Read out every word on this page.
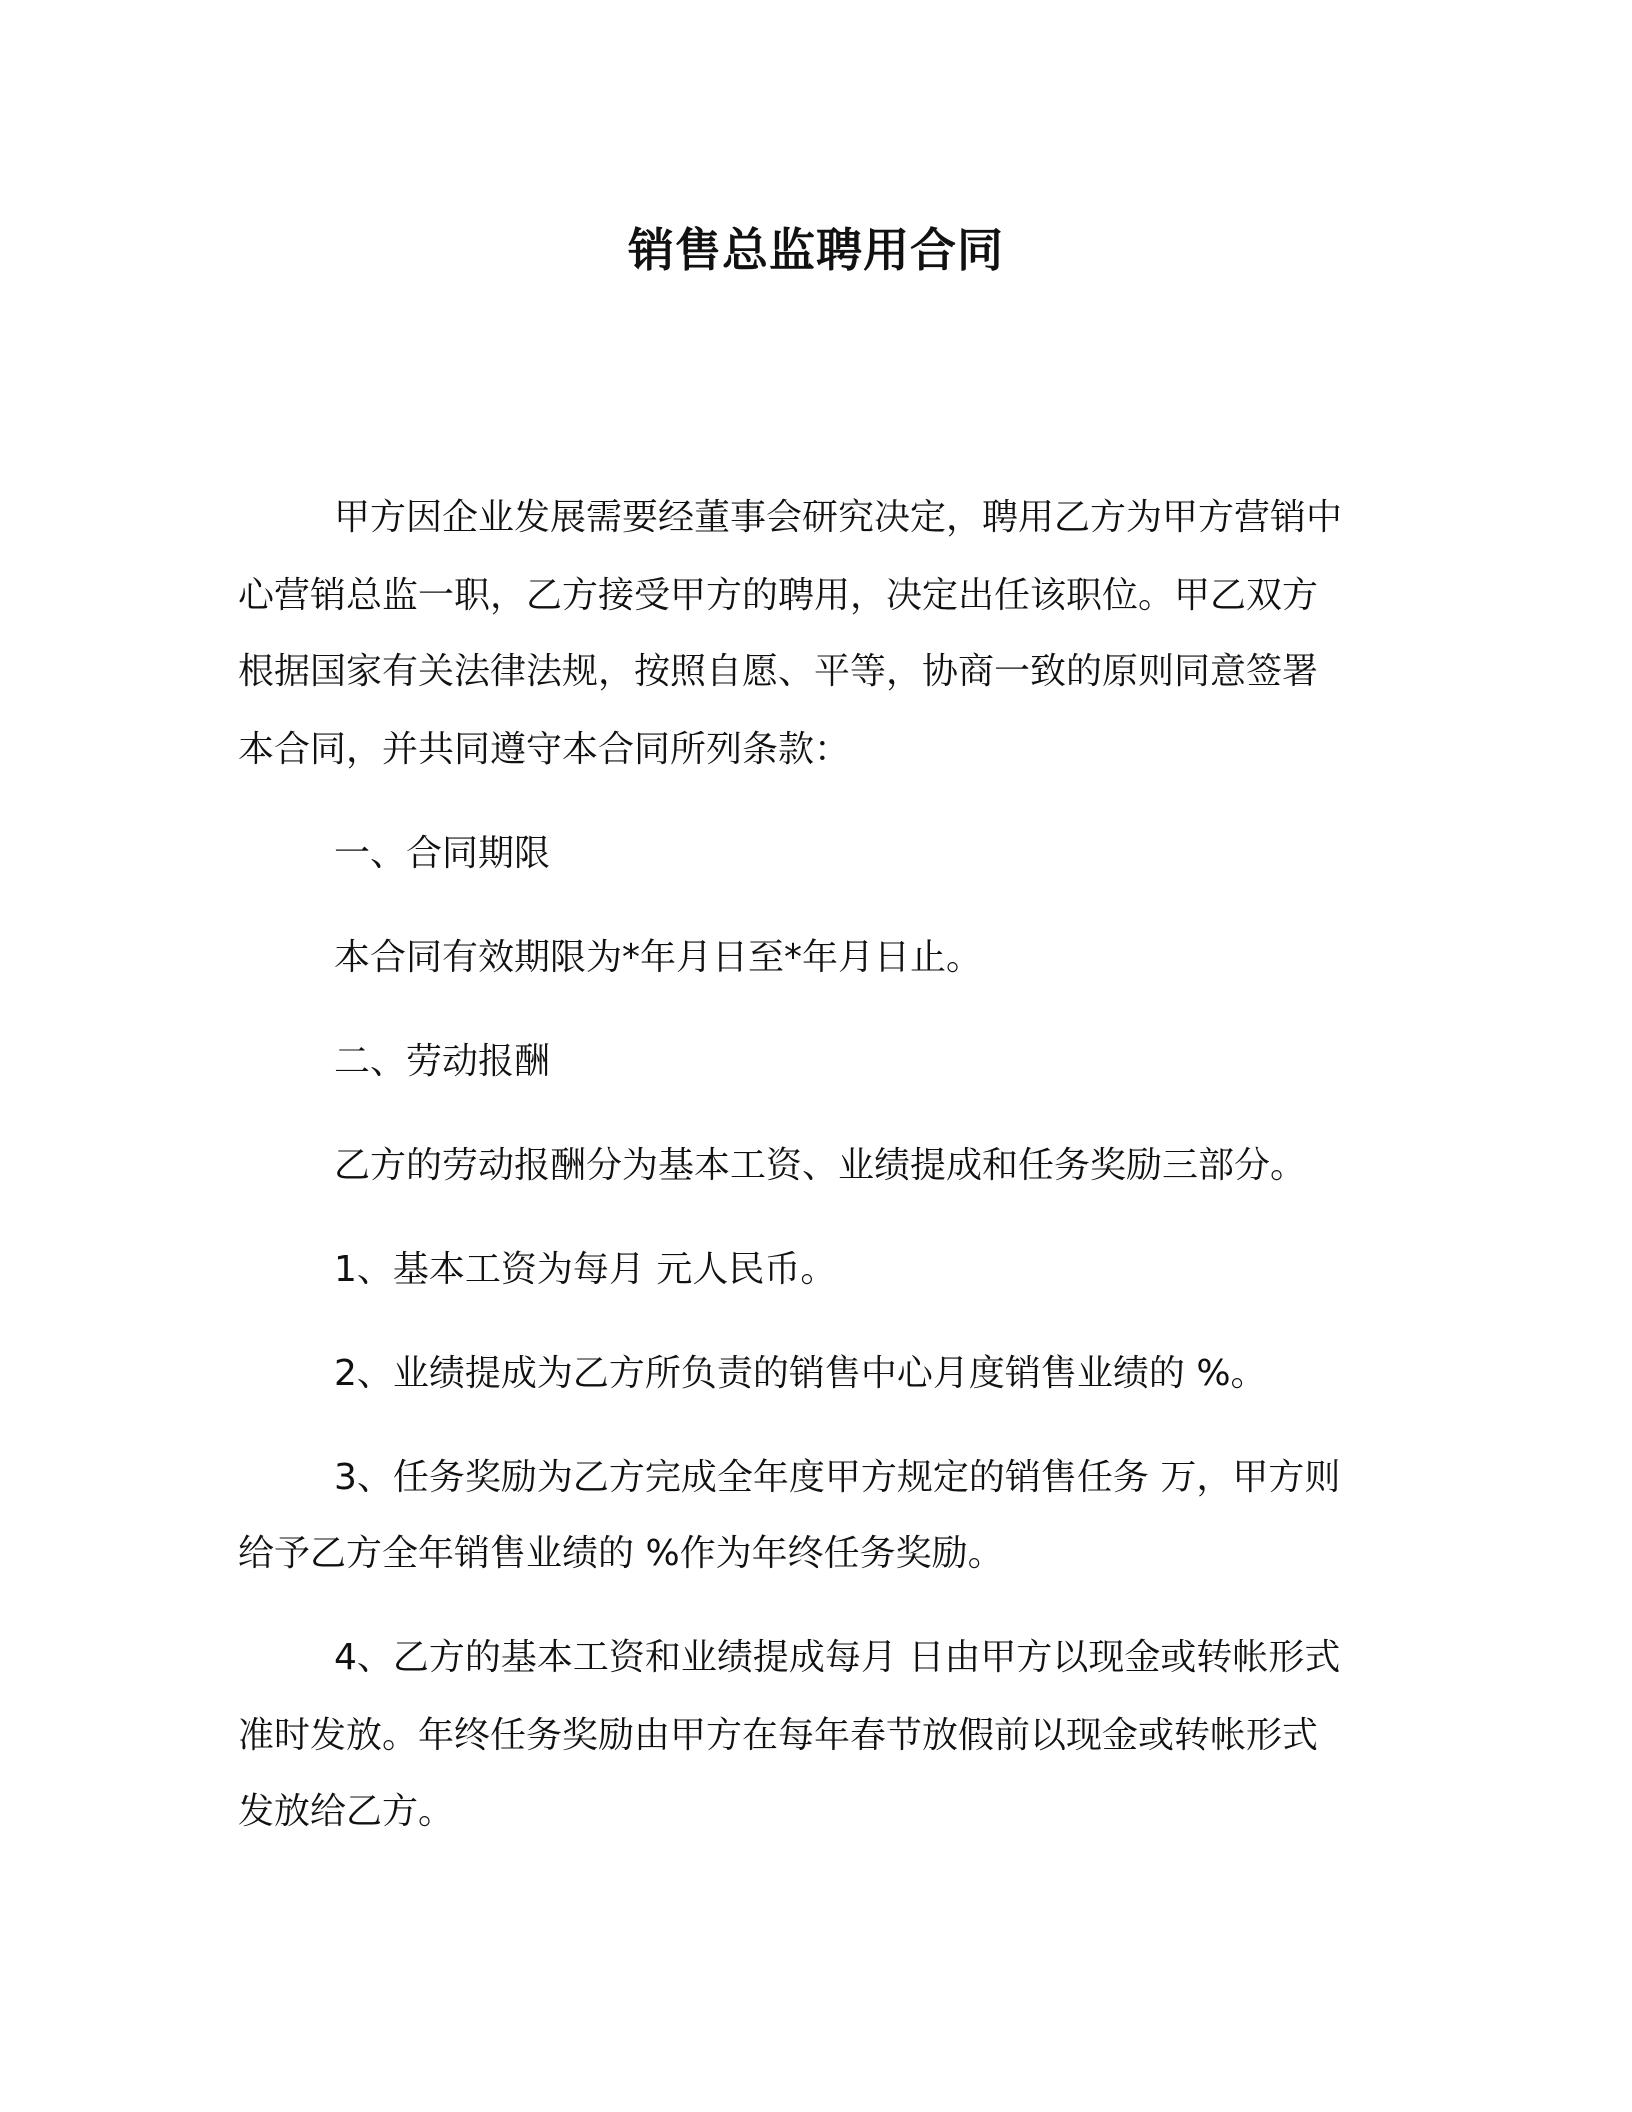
销售总监聘用合同

甲方因企业发展需要经董事会研究决定，聘用乙方为甲方营销中

心营销总监一职，乙方接受甲方的聘用，决定出任该职位。甲乙双方

根据国家有关法律法规，按照自愿、平等，协商一致的原则同意签署

本合同，并共同遵守本合同所列条款：

一、合同期限

本合同有效期限为*年月日至*年月日止。

二、劳动报酬

乙方的劳动报酬分为基本工资、业绩提成和任务奖励三部分。

1、基本工资为每月 元人民币。

2、业绩提成为乙方所负责的销售中心月度销售业绩的 %。

3、任务奖励为乙方完成全年度甲方规定的销售任务 万，甲方则

给予乙方全年销售业绩的 %作为年终任务奖励。

4、乙方的基本工资和业绩提成每月 日由甲方以现金或转帐形式

准时发放。年终任务奖励由甲方在每年春节放假前以现金或转帐形式

发放给乙方。
